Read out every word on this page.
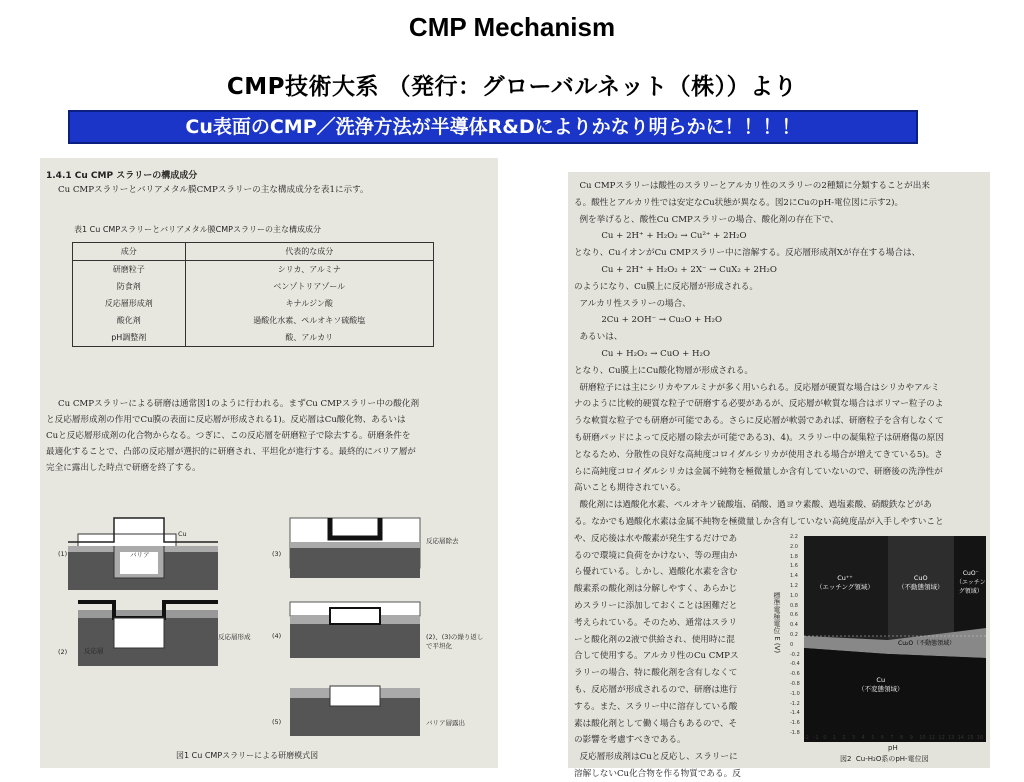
CMP Mechanism
CMP技術大系 （発行：グローバルネット（株））より
Cu表面のCMP／洗浄方法が半導体R&Dによりかなり明らかに！！！！
1.4.1 Cu CMP スラリーの構成成分
Cu CMPスラリーとバリアメタル膜CMPスラリーの主な構成成分を表1に示す。
表1 Cu CMPスラリーとバリアメタル膜CMPスラリーの主な構成成分
成分	代表的な成分
研磨粒子	シリカ、アルミナ
防食剤	ベンゾトリアゾール
反応層形成剤	キナルジン酸
酸化剤	過酸化水素、ペルオキソ硫酸塩
pH調整剤	酸、アルカリ
Cu CMPスラリーによる研磨は通常図1のように行われる。まずCu CMPスラリー中の酸化剤
と反応層形成剤の作用でCu膜の表面に反応層が形成される1)。反応層はCu酸化物、あるいは
Cuと反応層形成剤の化合物からなる。つぎに、この反応層を研磨粒子で除去する。研磨条件を
最適化することで、凸部の反応層が選択的に研磨され、平坦化が進行する。最終的にバリア層が
完全に露出した時点で研磨を終了する。
(1)
Cu
バリア
(2)	反応層
反応層形成
(3)
反応層除去
(4)	(2)、(3)の繰り返し
で平坦化
(5)	バリア層露出
図1 Cu CMPスラリーによる研磨模式図
Cu CMPスラリーは酸性のスラリーとアルカリ性のスラリーの2種類に分類することが出来
る。酸性とアルカリ性では安定なCu状態が異なる。図2にCuのpH-電位図に示す2)。
例を挙げると、酸性Cu CMPスラリーの場合、酸化剤の存在下で、
Cu + 2H⁺ + H₂O₂ → Cu²⁺ + 2H₂O
となり、CuイオンがCu CMPスラリー中に溶解する。反応層形成剤Xが存在する場合は、
Cu + 2H⁺ + H₂O₂ + 2X⁻ → CuX₂ + 2H₂O
のようになり、Cu膜上に反応層が形成される。
アルカリ性スラリーの場合、
2Cu + 2OH⁻ → Cu₂O + H₂O
あるいは、
Cu + H₂O₂ → CuO + H₂O
となり、Cu膜上にCu酸化物層が形成される。
研磨粒子には主にシリカやアルミナが多く用いられる。反応層が硬質な場合はシリカやアルミ
ナのように比較的硬質な粒子で研磨する必要があるが、反応層が軟質な場合はポリマー粒子のよ
うな軟質な粒子でも研磨が可能である。さらに反応層が軟弱であれば、研磨粒子を含有しなくて
も研磨パッドによって反応層の除去が可能である3)、4)。スラリー中の凝集粒子は研磨傷の原因
となるため、分散性の良好な高純度コロイダルシリカが使用される場合が増えてきている5)。さ
らに高純度コロイダルシリカは金属不純物を極微量しか含有していないので、研磨後の洗浄性が
高いことも期待されている。
酸化剤には過酸化水素、ペルオキソ硫酸塩、硝酸、過ヨウ素酸、過塩素酸、硝酸鉄などがあ
る。なかでも過酸化水素は金属不純物を極微量しか含有していない高純度品が入手しやすいこと
や、反応後は水や酸素が発生するだけであ
るので環境に負荷をかけない、等の理由か
ら優れている。しかし、過酸化水素を含む
酸素系の酸化剤は分解しやすく、あらかじ
めスラリーに添加しておくことは困難だと
考えられている。そのため、通常はスラリ
ーと酸化剤の2液で供給され、使用時に混
合して使用する。アルカリ性のCu CMPス
ラリーの場合、特に酸化剤を含有しなくて
も、反応層が形成されるので、研磨は進行
する。また、スラリー中に溶存している酸
素は酸化剤として働く場合もあるので、そ
の影響を考慮すべきである。
反応層形成剤はCuと反応し、スラリーに
溶解しないCu化合物を作る物質である。反
Cu⁺⁺
（エッチング領域）
CuO
（不動態領域）
CuO⁻
（エッチン
グ領域）
Cu₂O（不動態領域）
Cu
（不変態領域）
標準電極電位 E (V)
pH
図2  Cu-H₂O系のpH-電位図
2.2
2.0
1.8
1.6
1.4
1.2
1.0
0.8
0.6
0.4
0.2
0
-0.2
-0.4
-0.6
-0.8
-1.0
-1.2
-1.4
-1.6
-1.8
-2 -1 0 1 2 3 4 5 6 7 8 9 10 11 12 13 14 15 16
